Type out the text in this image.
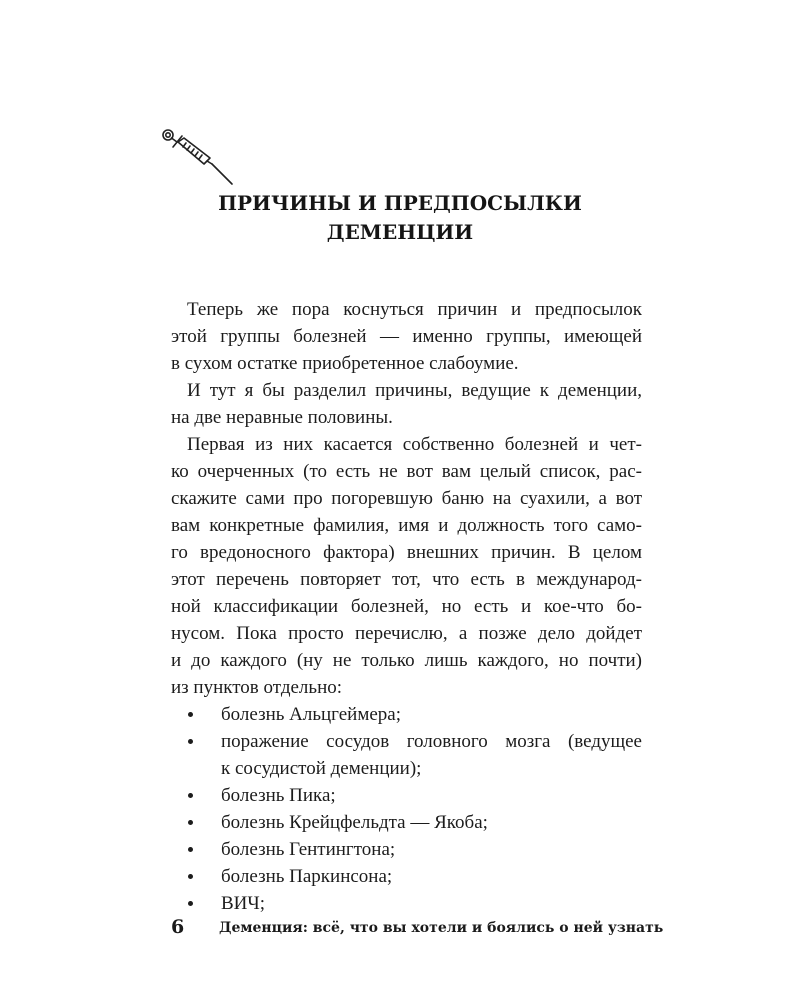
ПРИЧИНЫ И ПРЕДПОСЫЛКИ
ДЕМЕНЦИИ
Теперь же пора коснуться причин и предпосылок
этой группы болезней — именно группы, имеющей
в сухом остатке приобретенное слабоумие.
И тут я бы разделил причины, ведущие к деменции,
на две неравные половины.
Первая из них касается собственно болезней и чет-
ко очерченных (то есть не вот вам целый список, рас-
скажите сами про погоревшую баню на суахили, а вот
вам конкретные фамилия, имя и должность того само-
го вредоносного фактора) внешних причин. В целом
этот перечень повторяет тот, что есть в международ-
ной классификации болезней, но есть и кое-что бо-
нусом. Пока просто перечислю, а позже дело дойдет
и до каждого (ну не только лишь каждого, но почти)
из пунктов отдельно:
болезнь Альцгеймера;
поражение сосудов головного мозга (ведущее
к сосудистой деменции);
болезнь Пика;
болезнь Крейцфельдта — Якоба;
болезнь Гентингтона;
болезнь Паркинсона;
ВИЧ;
6 Деменция: всё, что вы хотели и боялись о ней узнать
